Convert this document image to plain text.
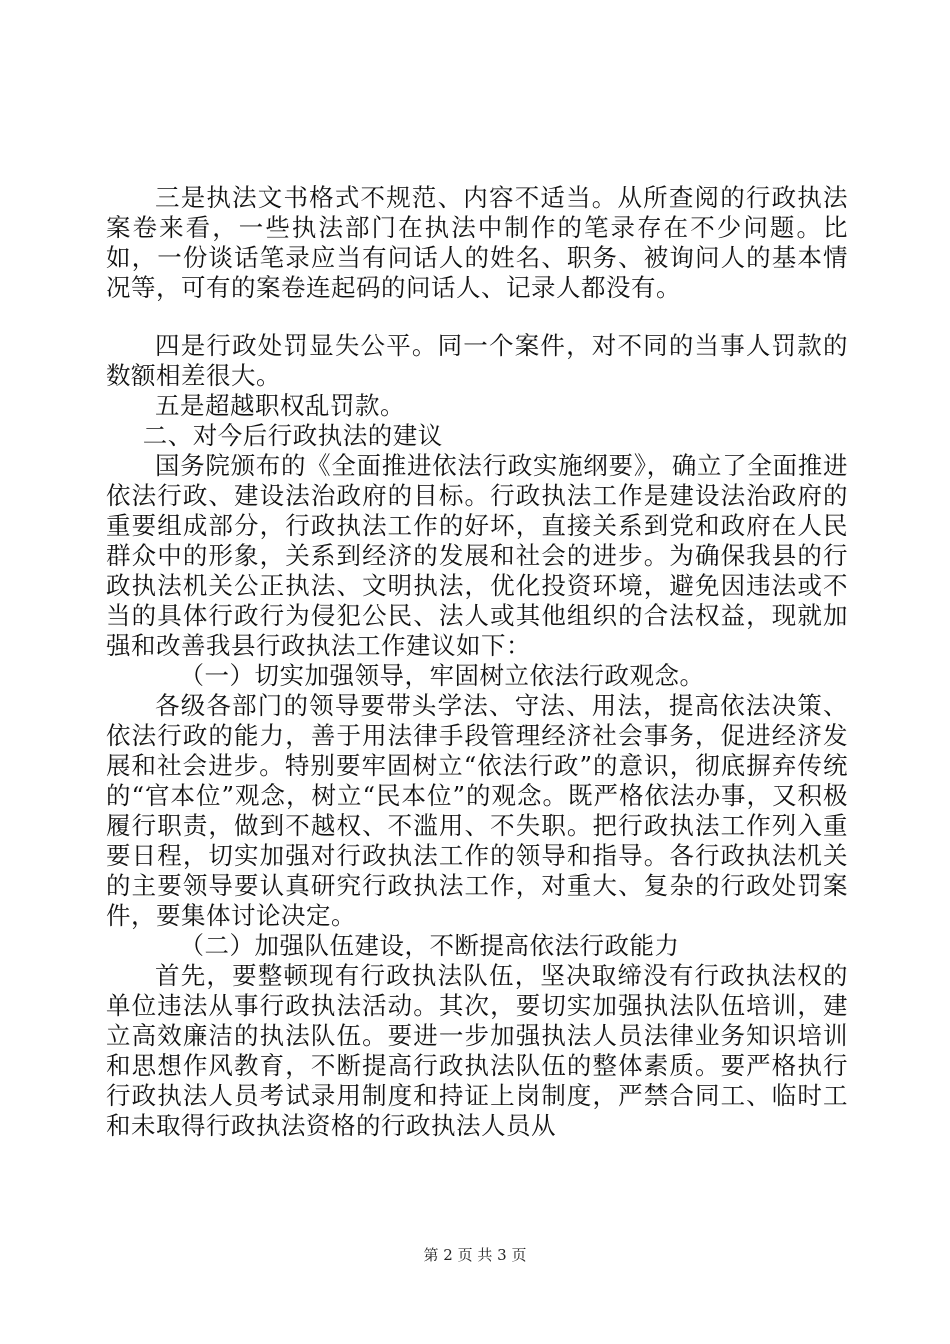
三是执法文书格式不规范、内容不适当。从所查阅的行政执法案卷来看，一些执法部门在执法中制作的笔录存在不少问题。比如，一份谈话笔录应当有问话人的姓名、职务、被询问人的基本情况等，可有的案卷连起码的问话人、记录人都没有。

四是行政处罚显失公平。同一个案件，对不同的当事人罚款的数额相差很大。

五是超越职权乱罚款。

二、对今后行政执法的建议

国务院颁布的《全面推进依法行政实施纲要》，确立了全面推进依法行政、建设法治政府的目标。行政执法工作是建设法治政府的重要组成部分，行政执法工作的好坏，直接关系到党和政府在人民群众中的形象，关系到经济的发展和社会的进步。为确保我县的行政执法机关公正执法、文明执法，优化投资环境，避免因违法或不当的具体行政行为侵犯公民、法人或其他组织的合法权益，现就加强和改善我县行政执法工作建议如下：

（一）切实加强领导，牢固树立依法行政观念。

各级各部门的领导要带头学法、守法、用法，提高依法决策、依法行政的能力，善于用法律手段管理经济社会事务，促进经济发展和社会进步。特别要牢固树立“依法行政”的意识，彻底摒弃传统的“官本位”观念，树立“民本位”的观念。既严格依法办事，又积极履行职责，做到不越权、不滥用、不失职。把行政执法工作列入重要日程，切实加强对行政执法工作的领导和指导。各行政执法机关的主要领导要认真研究行政执法工作，对重大、复杂的行政处罚案件，要集体讨论决定。

（二）加强队伍建设，不断提高依法行政能力

首先，要整顿现有行政执法队伍，坚决取缔没有行政执法权的单位违法从事行政执法活动。其次，要切实加强执法队伍培训，建立高效廉洁的执法队伍。要进一步加强执法人员法律业务知识培训和思想作风教育，不断提高行政执法队伍的整体素质。要严格执行行政执法人员考试录用制度和持证上岗制度，严禁合同工、临时工和未取得行政执法资格的行政执法人员从

第 2 页 共 3 页
